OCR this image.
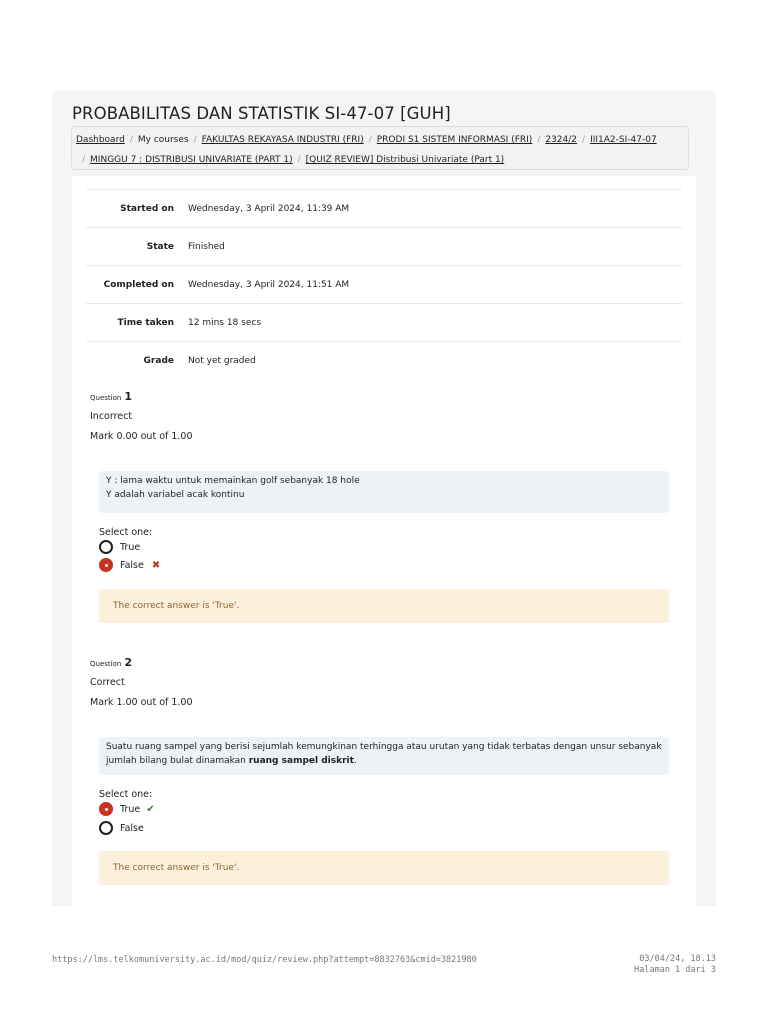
PROBABILITAS DAN STATISTIK SI-47-07 [GUH]
Dashboard / My courses / FAKULTAS REKAYASA INDUSTRI (FRI) / PRODI S1 SISTEM INFORMASI (FRI) / 2324/2 / III1A2-SI-47-07
/ MINGGU 7 : DISTRIBUSI UNIVARIATE (PART 1) / [QUIZ REVIEW] Distribusi Univariate (Part 1)
Started on	Wednesday, 3 April 2024, 11:39 AM
State	Finished
Completed on	Wednesday, 3 April 2024, 11:51 AM
Time taken	12 mins 18 secs
Grade	Not yet graded
Question 1
Incorrect
Mark 0.00 out of 1.00

Y : lama waktu untuk memainkan golf sebanyak 18 hole

Y adalah variabel acak kontinu

Select one:
True
False ✖
The correct answer is 'True'.
Question 2
Correct
Mark 1.00 out of 1.00

Suatu ruang sampel yang berisi sejumlah kemungkinan terhingga atau urutan yang tidak terbatas dengan unsur sebanyak jumlah bilang bulat dinamakan ruang sampel diskrit.

Select one:
True ✔
False
The correct answer is 'True'.
https://lms.telkomuniversity.ac.id/mod/quiz/review.php?attempt=8832763&cmid=3821980	03/04/24, 18.13
Halaman 1 dari 3
